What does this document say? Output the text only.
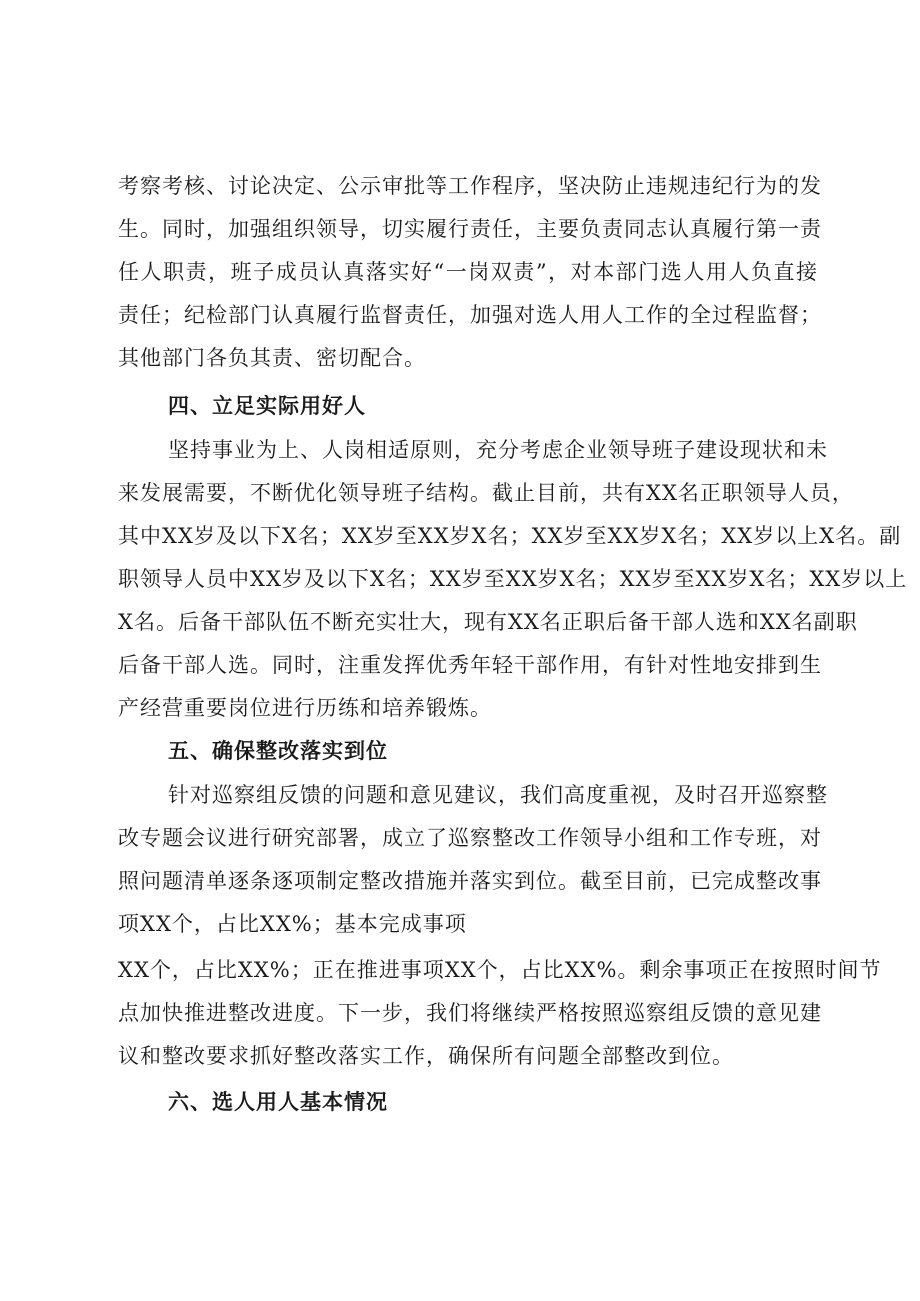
考察考核、讨论决定、公示审批等工作程序，坚决防止违规违纪行为的发
生。同时，加强组织领导，切实履行责任，主要负责同志认真履行第一责
任人职责，班子成员认真落实好“一岗双责”，对本部门选人用人负直接
责任；纪检部门认真履行监督责任，加强对选人用人工作的全过程监督；
其他部门各负其责、密切配合。
四、立足实际用好人
坚持事业为上、人岗相适原则，充分考虑企业领导班子建设现状和未
来发展需要，不断优化领导班子结构。截止目前，共有XX名正职领导人员，
其中XX岁及以下X名；XX岁至XX岁X名；XX岁至XX岁X名；XX岁以上X名。副
职领导人员中XX岁及以下X名；XX岁至XX岁X名；XX岁至XX岁X名；XX岁以上
X名。后备干部队伍不断充实壮大，现有XX名正职后备干部人选和XX名副职
后备干部人选。同时，注重发挥优秀年轻干部作用，有针对性地安排到生
产经营重要岗位进行历练和培养锻炼。
五、确保整改落实到位
针对巡察组反馈的问题和意见建议，我们高度重视，及时召开巡察整
改专题会议进行研究部署，成立了巡察整改工作领导小组和工作专班，对
照问题清单逐条逐项制定整改措施并落实到位。截至目前，已完成整改事
项XX个，占比XX%；基本完成事项
XX个，占比XX%；正在推进事项XX个，占比XX%。剩余事项正在按照时间节
点加快推进整改进度。下一步，我们将继续严格按照巡察组反馈的意见建
议和整改要求抓好整改落实工作，确保所有问题全部整改到位。
六、选人用人基本情况
